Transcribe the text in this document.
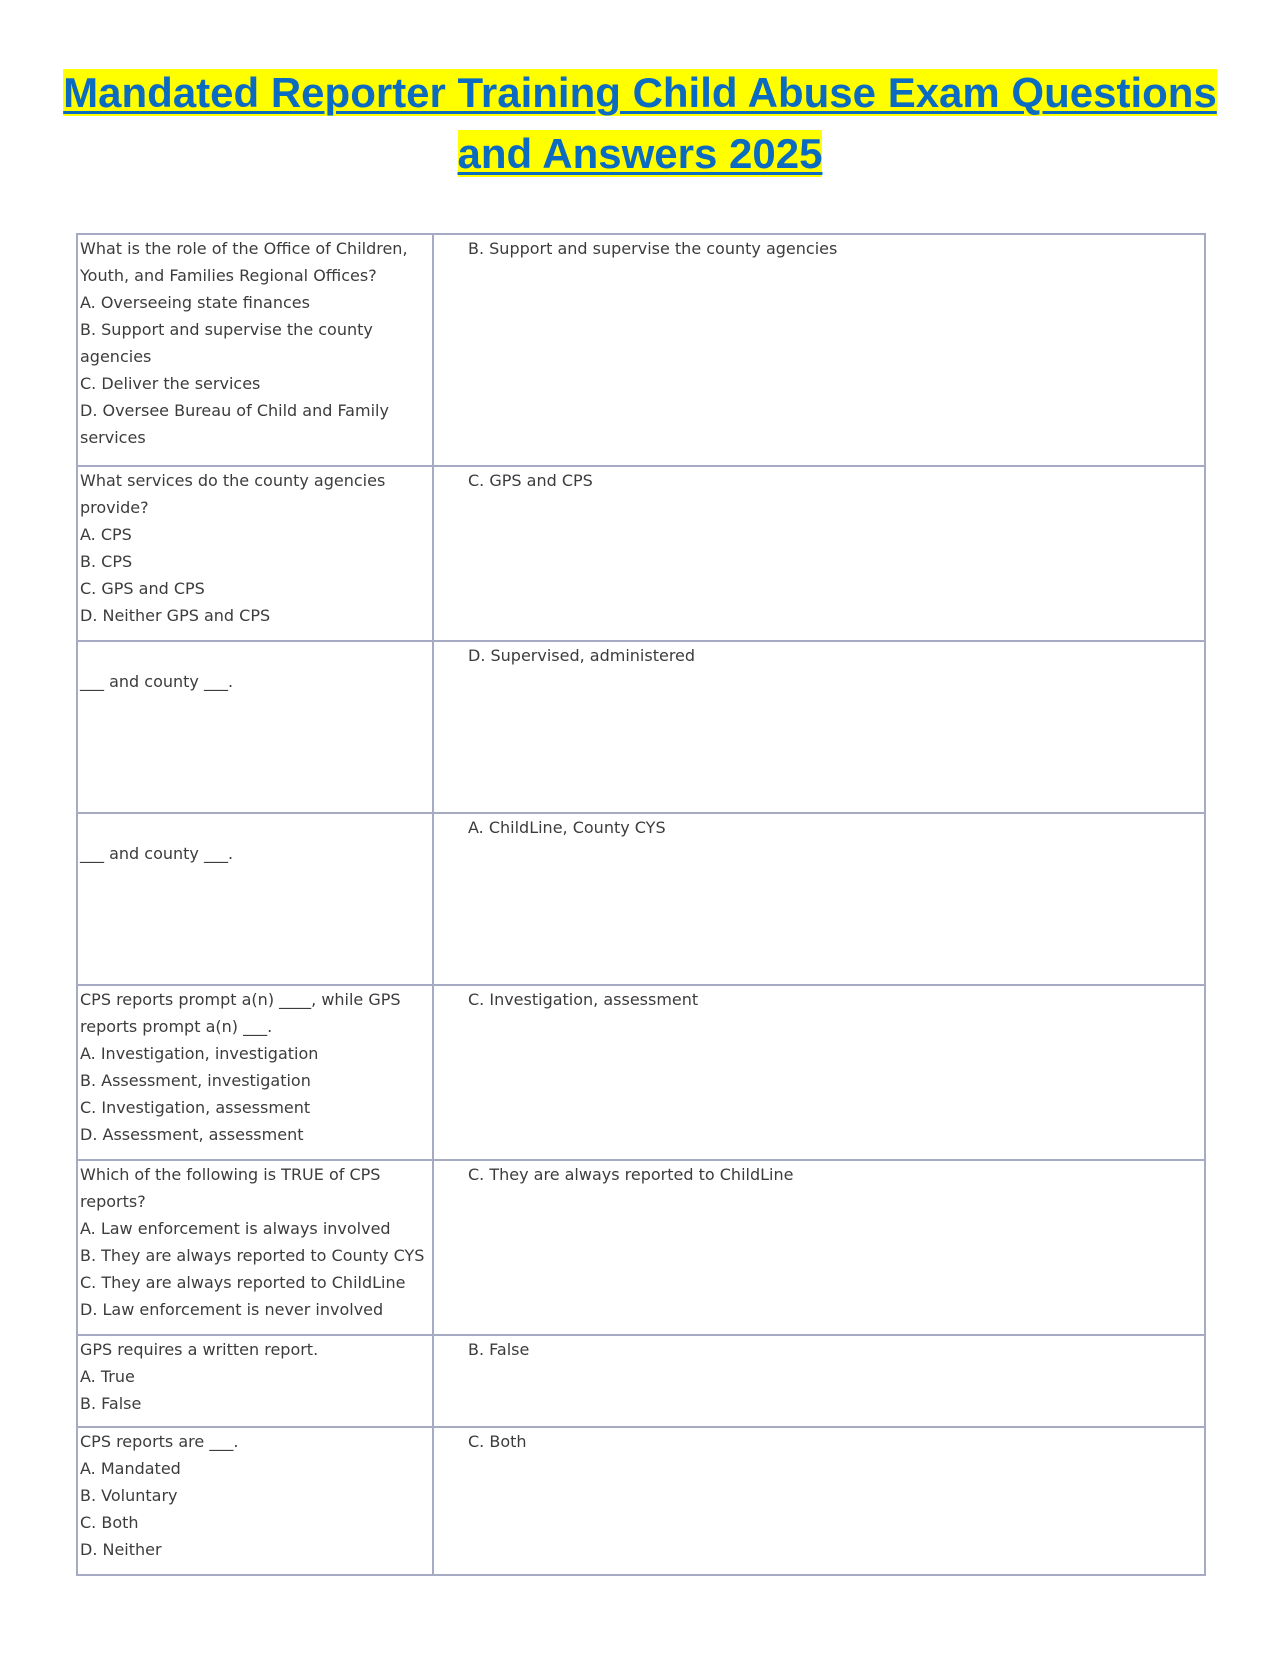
Mandated Reporter Training Child Abuse Exam Questions
and Answers 2025
What is the role of the Office of Children, Youth, and Families Regional Offices?
A. Overseeing state finances
B. Support and supervise the county agencies
C. Deliver the services
D. Oversee Bureau of Child and Family services	B. Support and supervise the county agencies

What services do the county agencies provide?
A. CPS
B. CPS
C. GPS and CPS
D. Neither GPS and CPS	C. GPS and CPS

___ and county ___.	D. Supervised, administered

___ and county ___.	A. ChildLine, County CYS

CPS reports prompt a(n) ____, while GPS reports prompt a(n) ___.
A. Investigation, investigation
B. Assessment, investigation
C. Investigation, assessment
D. Assessment, assessment	C. Investigation, assessment

Which of the following is TRUE of CPS reports?
A. Law enforcement is always involved
B. They are always reported to County CYS
C. They are always reported to ChildLine
D. Law enforcement is never involved	C. They are always reported to ChildLine

GPS requires a written report.
A. True
B. False	B. False

CPS reports are ___.
A. Mandated
B. Voluntary
C. Both
D. Neither	C. Both
